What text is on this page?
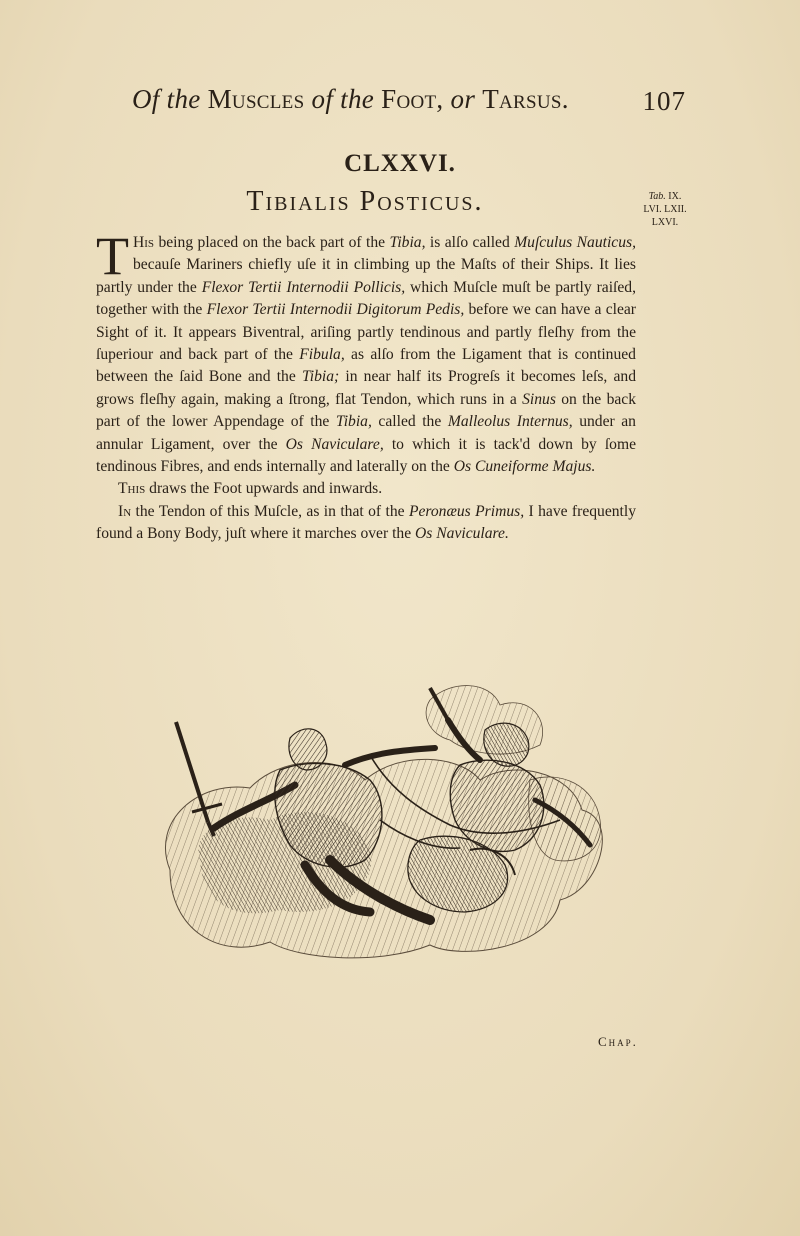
Of the Muscles of the Foot, or Tarsus.	107
CLXXVI.
Tibialis Posticus.	Tab. IX.
LVI. LXII.
LXVI.

T His being placed on the back part of the Tibia, is alſo called Muſculus Nauticus, becauſe Mariners chiefly uſe it in climbing up the Maſts of their Ships. It lies partly under the Flexor Tertii Internodii Pollicis, which Muſcle muſt be partly raiſed, together with the Flexor Tertii Internodii Digitorum Pedis, before we can have a clear Sight of it. It appears Biventral, ariſing partly tendinous and partly fleſhy from the ſuperiour and back part of the Fibula, as alſo from the Ligament that is continued between the ſaid Bone and the Tibia; in near half its Progreſs it becomes leſs, and grows fleſhy again, making a ſtrong, flat Tendon, which runs in a Sinus on the back part of the lower Appendage of the Tibia, called the Malleolus Internus, under an annular Ligament, over the Os Naviculare, to which it is tack'd down by ſome tendinous Fibres, and ends internally and laterally on the Os Cuneiforme Majus.

This draws the Foot upwards and inwards.

In the Tendon of this Muſcle, as in that of the Peronæus Primus, I have frequently found a Bony Body, juſt where it marches over the Os Naviculare.

Chap.
